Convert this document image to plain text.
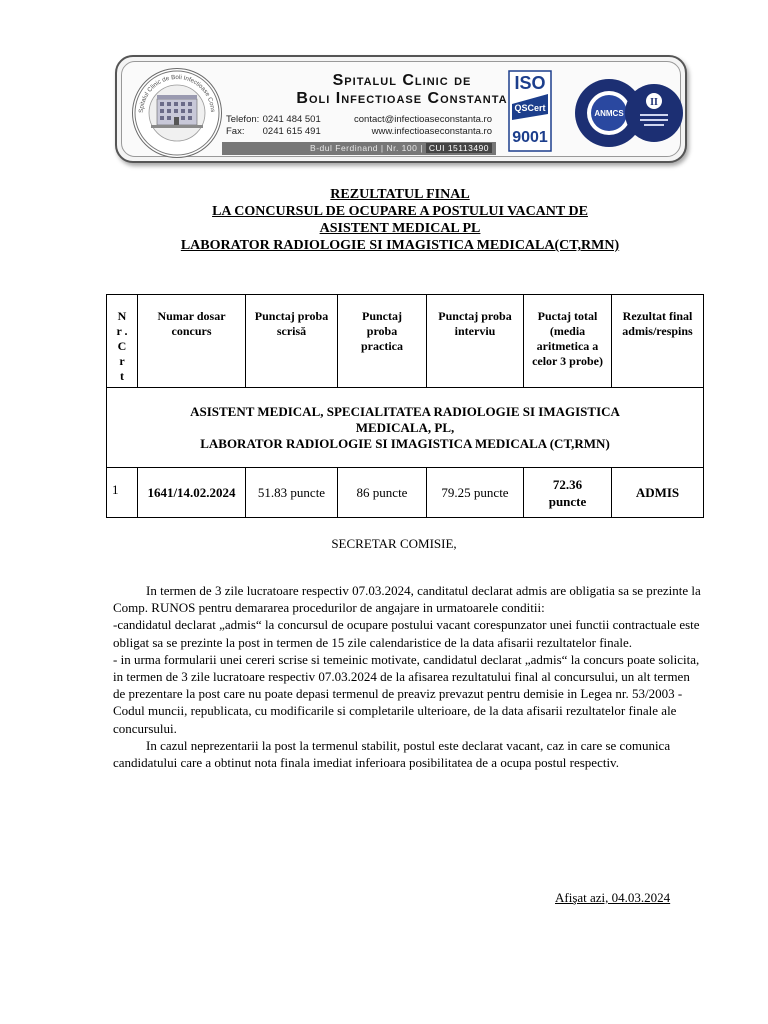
Spitalul Clinic de Boli Infectioase Cons
Spitalul Clinic de
Boli Infectioase Constanta
Telefon: 0241 484 501
Fax: 0241 615 491
contact@infectioaseconstanta.ro
www.infectioaseconstanta.ro
B-dul Ferdinand | Nr. 100 | CUI 15113490
ISO
QSCert
9001
ANMCS
II
REZULTATUL FINAL
LA CONCURSUL DE OCUPARE A POSTULUI VACANT DE
ASISTENT MEDICAL PL
LABORATOR RADIOLOGIE SI IMAGISTICA MEDICALA(CT,RMN)
Nr . Cr t	Numar dosar concurs	Punctaj proba scrisă	Punctaj proba practica	Punctaj proba interviu	Puctaj total (media aritmetica a celor 3 probe)	Rezultat final admis/respins

ASISTENT MEDICAL, SPECIALITATEA RADIOLOGIE SI IMAGISTICA
MEDICALA, PL,
LABORATOR RADIOLOGIE SI IMAGISTICA MEDICALA (CT,RMN)						

1	1641/14.02.2024	51.83 puncte	86 puncte	79.25 puncte	72.36
puncte	ADMIS
SECRETAR COMISIE,

In termen de 3 zile lucratoare respectiv 07.03.2024, canditatul declarat admis are obligatia sa se prezinte la Comp. RUNOS pentru demararea procedurilor de angajare in urmatoarele conditii:

-candidatul declarat „admis“ la concursul de ocupare postului vacant corespunzator unei functii contractuale este obligat sa se prezinte la post in termen de 15 zile calendaristice de la data afisarii rezultatelor finale.

- in urma formularii unei cereri scrise si temeinic motivate, candidatul declarat „admis“ la concurs poate solicita, in termen de 3 zile lucratoare respectiv 07.03.2024 de la afisarea rezultatului final al concursului, un alt termen de prezentare la post care nu poate depasi termenul de preaviz prevazut pentru demisie in Legea nr. 53/2003 - Codul muncii, republicata, cu modificarile si completarile ulterioare, de la data afisarii rezultatelor finale ale concursului.

In cazul neprezentarii la post la termenul stabilit, postul este declarat vacant, caz in care se comunica candidatului care a obtinut nota finala imediat inferioara posibilitatea de a ocupa postul respectiv.

Afişat azi, 04.03.2024
